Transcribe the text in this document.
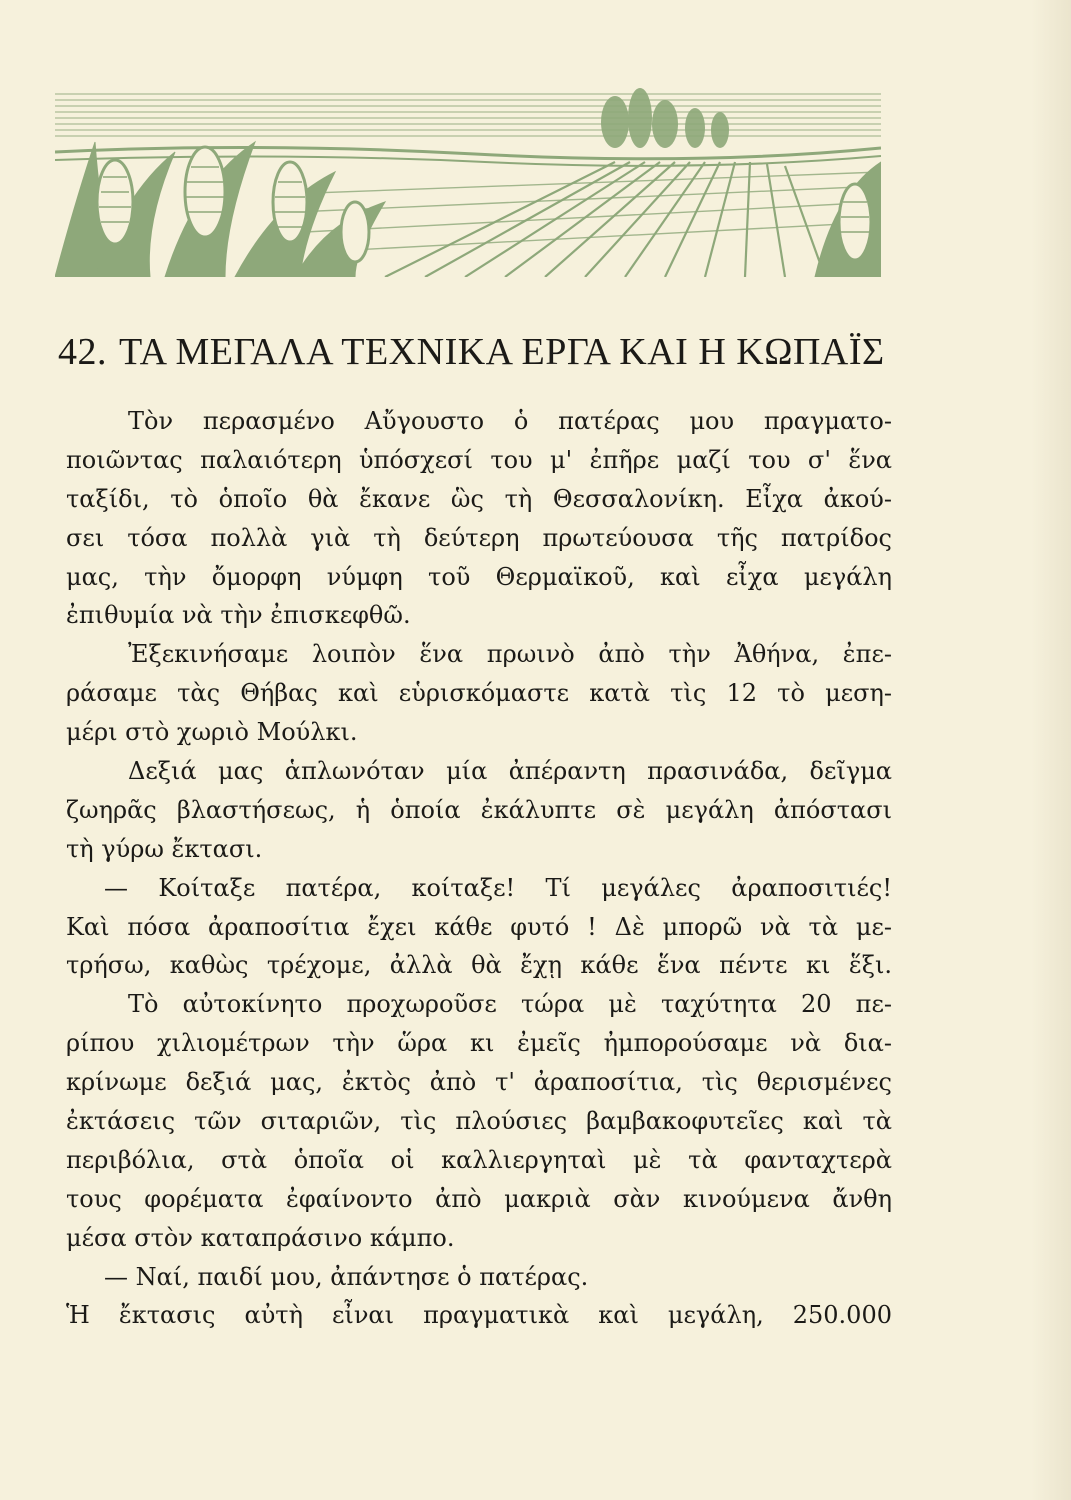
42. ΤΑ ΜΕΓΑΛΑ ΤΕΧΝΙΚΑ ΕΡΓΑ ΚΑΙ Η ΚΩΠΑΪΣ
Τὸν περασμένο Αὔγουστο ὁ πατέρας μου πραγματο-
ποιῶντας παλαιότερη ὑπόσχεσί του μ' ἐπῆρε μαζί του σ' ἕνα
ταξίδι, τὸ ὁποῖο θὰ ἔκανε ὣς τὴ Θεσσαλονίκη. Εἶχα ἀκού-
σει τόσα πολλὰ γιὰ τὴ δεύτερη πρωτεύουσα τῆς πατρίδος
μας, τὴν ὄμορφη νύμφη τοῦ Θερμαϊκοῦ, καὶ εἶχα μεγάλη
ἐπιθυμία νὰ τὴν ἐπισκεφθῶ.
Ἐξεκινήσαμε λοιπὸν ἕνα πρωινὸ ἀπὸ τὴν Ἀθήνα, ἐπε-
ράσαμε τὰς Θήβας καὶ εὑρισκόμαστε κατὰ τὶς 12 τὸ μεση-
μέρι στὸ χωριὸ Μούλκι.
Δεξιά μας ἁπλωνόταν μία ἀπέραντη πρασινάδα, δεῖγμα
ζωηρᾶς βλαστήσεως, ἡ ὁποία ἐκάλυπτε σὲ μεγάλη ἀπόστασι
τὴ γύρω ἔκτασι.
— Κοίταξε πατέρα, κοίταξε! Τί μεγάλες ἀραποσιτιές!
Καὶ πόσα ἀραποσίτια ἔχει κάθε φυτό ! Δὲ μπορῶ νὰ τὰ με-
τρήσω, καθὼς τρέχομε, ἀλλὰ θὰ ἔχῃ κάθε ἕνα πέντε κι ἕξι.
Τὸ αὐτοκίνητο προχωροῦσε τώρα μὲ ταχύτητα 20 πε-
ρίπου χιλιομέτρων τὴν ὥρα κι ἐμεῖς ἠμπορούσαμε νὰ δια-
κρίνωμε δεξιά μας, ἐκτὸς ἀπὸ τ' ἀραποσίτια, τὶς θερισμένες
ἐκτάσεις τῶν σιταριῶν, τὶς πλούσιες βαμβακοφυτεῖες καὶ τὰ
περιβόλια, στὰ ὁποῖα οἱ καλλιεργηταὶ μὲ τὰ φανταχτερὰ
τους φορέματα ἐφαίνοντο ἀπὸ μακριὰ σὰν κινούμενα ἄνθη
μέσα στὸν καταπράσινο κάμπο.
— Ναί, παιδί μου, ἀπάντησε ὁ πατέρας.
Ἡ ἔκτασις αὐτὴ εἶναι πραγματικὰ καὶ μεγάλη, 250.000
